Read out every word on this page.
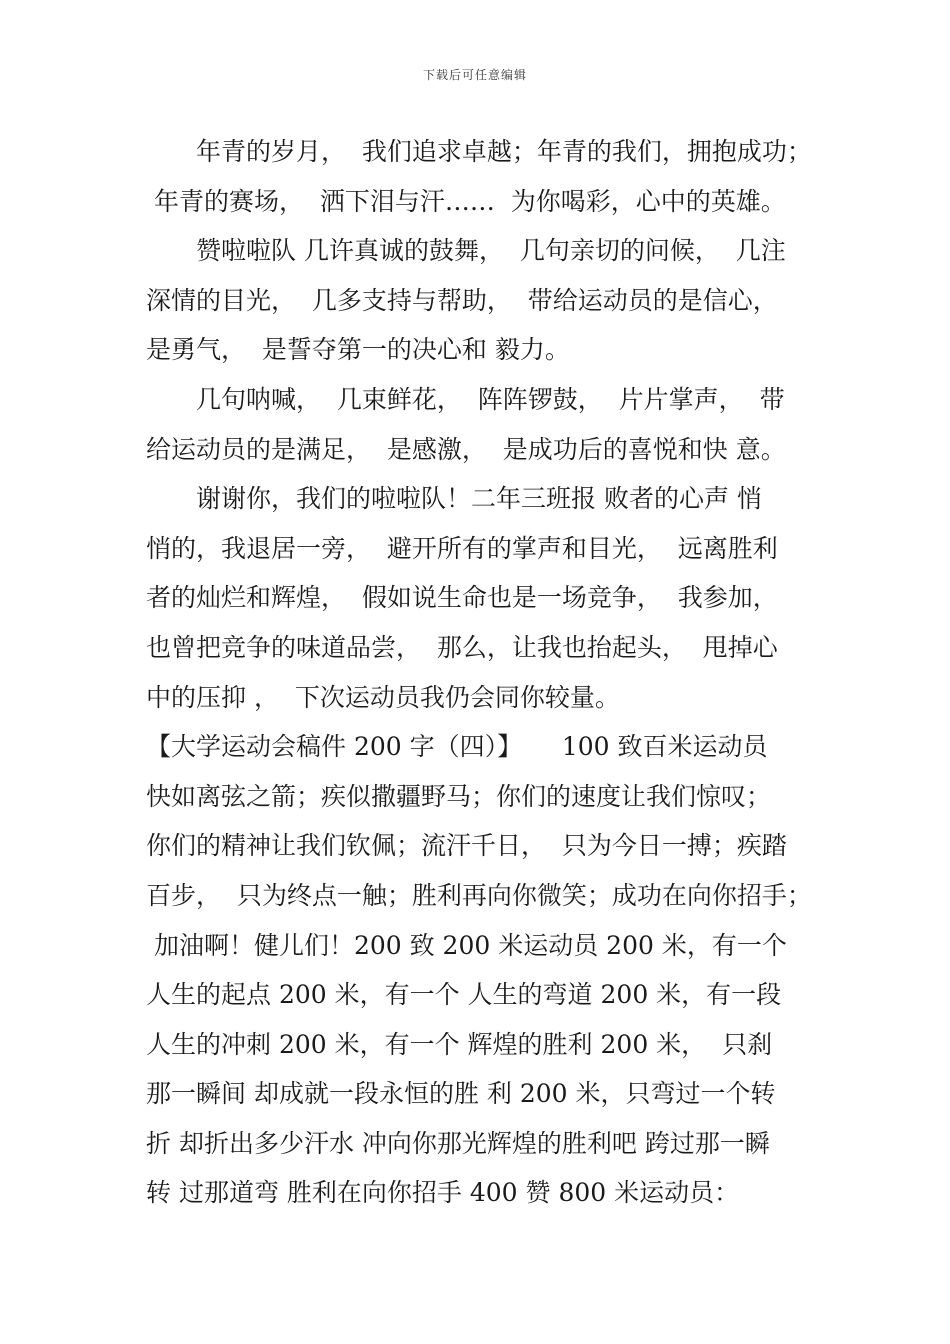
下载后可任意编辑
年青的岁月，  我们追求卓越；年青的我们，拥抱成功；
年青的赛场，  洒下泪与汗……  为你喝彩，心中的英雄。
赞啦啦队 几许真诚的鼓舞，  几句亲切的问候，  几注
深情的目光，  几多支持与帮助，  带给运动员的是信心，
是勇气，  是誓夺第一的决心和 毅力。
几句呐喊，  几束鲜花，  阵阵锣鼓，  片片掌声，  带
给运动员的是满足，  是感激，  是成功后的喜悦和快 意。
谢谢你，我们的啦啦队！二年三班报 败者的心声 悄
悄的，我退居一旁，  避开所有的掌声和目光，  远离胜利
者的灿烂和辉煌，  假如说生命也是一场竞争，  我参加，
也曾把竞争的味道品尝，  那么，让我也抬起头，  甩掉心
中的压抑 ，  下次运动员我仍会同你较量。
【大学运动会稿件 200 字（四）】     100 致百米运动员
快如离弦之箭；疾似撒疆野马；你们的速度让我们惊叹；
你们的精神让我们钦佩；流汗千日，  只为今日一搏；疾踏
百步，  只为终点一触；胜利再向你微笑；成功在向你招手；
加油啊！健儿们！200 致 200 米运动员 200 米，有一个
人生的起点 200 米，有一个 人生的弯道 200 米，有一段
人生的冲刺 200 米，有一个 辉煌的胜利 200 米，  只刹
那一瞬间 却成就一段永恒的胜 利 200 米，只弯过一个转
折 却折出多少汗水 冲向你那光辉煌的胜利吧 跨过那一瞬
转 过那道弯 胜利在向你招手 400 赞 800 米运动员：
